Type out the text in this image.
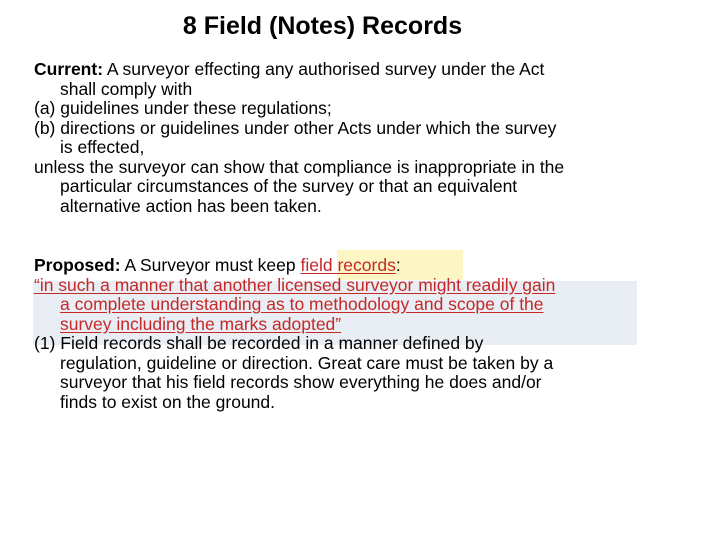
8 Field (Notes) Records
Current: A surveyor effecting any authorised survey under the Act
shall comply with
(a) guidelines under these regulations;
(b) directions or guidelines under other Acts under which the survey
is effected,
unless the surveyor can show that compliance is inappropriate in the
particular circumstances of the survey or that an equivalent
alternative action has been taken.
Proposed: A Surveyor must keep field records:
“in such a manner that another licensed surveyor might readily gain
a complete understanding as to methodology and scope of the
survey including the marks adopted”
(1) Field records shall be recorded in a manner defined by
regulation, guideline or direction. Great care must be taken by a
surveyor that his field records show everything he does and/or
finds to exist on the ground.
